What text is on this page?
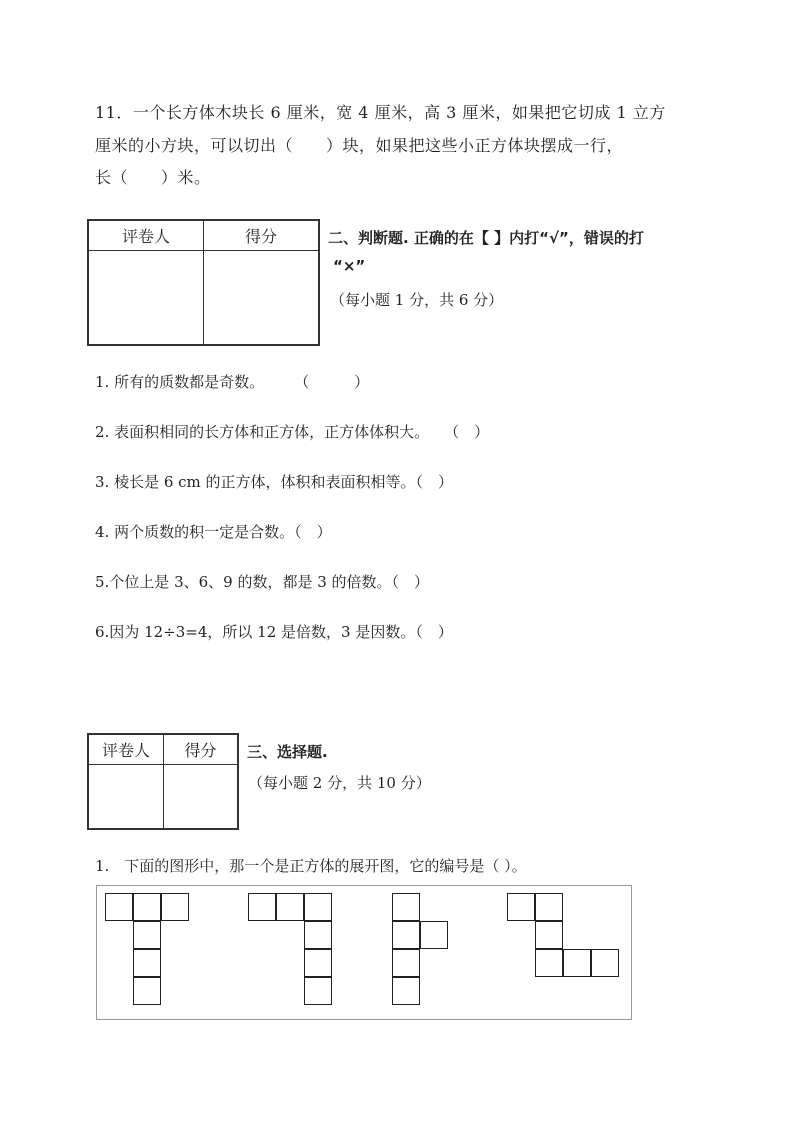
11．一个长方体木块长 6 厘米，宽 4 厘米，高 3 厘米，如果把它切成 1 立方
厘米的小方块，可以切出（　　）块，如果把这些小正方体块摆成一行，
长（　　）米。
评卷人	得分
		二、判断题. 正确的在【 】内打“√”，错误的打
“×”
（每小题 1 分，共 6 分）
1. 所有的质数都是奇数。　　　（　　　）
2. 表面积相同的长方体和正方体，正方体体积大。　　（　）
3. 棱长是 6 cm 的正方体，体积和表面积相等。（　）
4. 两个质数的积一定是合数。（　）
5.个位上是 3、6、9 的数，都是 3 的倍数。（　）
6.因为 12÷3=4，所以 12 是倍数，3 是因数。（　）
评卷人	得分
	三、选择题.
（每小题 2 分，共 10 分）
1.　下面的图形中，那一个是正方体的展开图，它的编号是（ ）。
